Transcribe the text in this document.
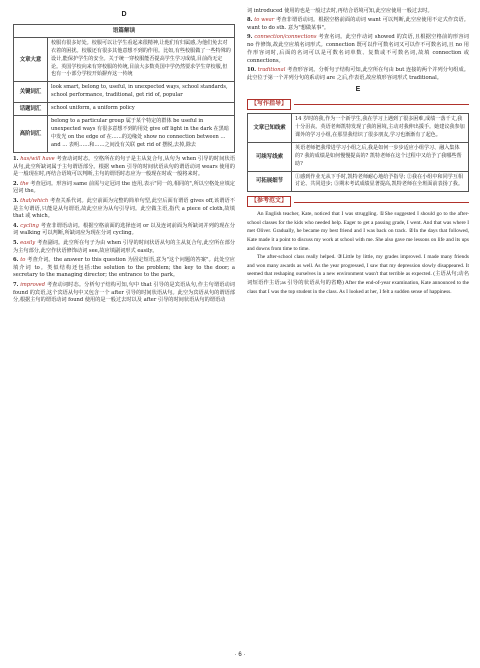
D
语篇解读	
文章大意	校服有很多好处。校服可以让学生看起来很精神,让他们有归属感,为他们免去对衣着的困扰。校服还有很多其他意想不到的作用。比如,有些校服做了一些特殊的设计,能保护学生的安全。关于统一穿校服能否提高学生学习成绩,目前尚无定论。英国学校向来有穿校服的传统,目前大多数英国中学仍然要求学生穿校服,但也有一小部分学校开始摒弃这一传统
关键词汇	look smart, belong to, useful, in unexpected ways, school standards, school performance, traditional, get rid of, popular
话题词汇	school uniform, a uniform policy
高阶词汇	belong to a particular group 属于某个特定的群体 be useful in unexpected ways 有很多意想不到的用处 give off light in the dark 在黑暗中发光 on the edge of 在……的边缘处 show no connection between … and … 表明……和……之间没有关联 get rid of 摆脱,去掉,除去

1. has/will have 考查动词时态。空格所在的句子是主从复合句,从句为 when 引导的时间状语从句,此空所缺词属于主句谓语部分。根据 when 引导的时间状语从句的谓语动词 wears 使用的是一般现在时,再结合语境可以判断,主句的谓语时态应为一般现在时或一般将来时。

2. the 考查冠词。形容词 same 前需与定冠词 the 连用,表示"同一的,相同的",所以空格处应填定冠词 the。

3. that/which 考查关系代词。此空前面为完整的简单句型,此空后面有谓语 gives off,该谓语不是主句谓语,只能是从句谓语,故此空应为从句引导词。此空做主语,指代 a piece of cloth,故填 that 或 which。

4. cycling 考查非谓语动词。根据空格前面的选择连词 or 以及连词前面为所缺词并列的现在分词 walking 可以判断,所缺词应为现在分词 cycling。

5. easily 考查副词。此空所在句子为由 when 引导的时间状语从句的主从复合句,此空所在部分为主句部分,此空作状语修饰动词 see,故应填副词形式 easily。

6. to 考查介词。the answer to this question 为固定短语,意为"这个问题的答案"。此处空应填介词 to。类似结构还包括:the solution to the problem; the key to the door; a secretary to the managing director; the entrance to the park。

7. improved 考查动词时态。分析句子结构可知,句中 that 引导的是宾语从句,作主句谓语动词 found 的宾语,这个宾语从句中又包含一个 after 引导的时间状语从句。此空为宾语从句的谓语部分,根据主句的谓语动词 found 使用的是一般过去时以及 after 引导的时间状语从句的谓语动

词 introduced 使用的也是一般过去时,再结合语境可知,此空应使用一般过去时。

8. to wear 考查非谓语动词。根据空格前面的动词 want 可以判断,此空应使用不定式作宾语。want to do sth. 意为"想做某事"。

9. connection/connections 考查名词。此空作动词 showed 的宾语,且根据空格前的形容词 no 作修饰,故此空应填名词形式。connection 既可以作可数名词又可以作不可数名词,且 no 用作形容词时,后面的名词可以是可数名词单数、复数或不可数名词,故填 connection 或 connections。

10. traditional 考查形容词。分析句子结构可知,此空所在句由 but 连接的两个并列分句组成。此空位于第一个并列分句的系动词 are 之后,作表语,故应填形容词形式 traditional。

E
【写作指导】
文章已知线索	14 岁时的我,作为一个新学生,我在学习上遇到了很多困难,成绩一落千丈,我十分沮丧。英语老师凯特发现了我的困境,主动对我伸出援手。她建议我参加课外的学习小组,在那里我结识了很多朋友,学习也渐渐有了起色。
可续写线索	英语老师把我带进学习小组之后,我是如何一步步适应小组学习、融入集体的? 我的成绩是如何慢慢提高的? 凯特老师在这个过程中又给予了我哪些帮助?
可拓展细节	①感到作业无从下手时,凯特老师耐心地给予指导; ②我在小组中和同学互相讨论、共同进步; ③期末考试成绩显著提高,凯特老师在全班面前表扬了我。
【参考范文】

An English teacher, Kate, noticed that I was struggling. ①She suggested I should go to the after-school classes for the kids who needed help. Eager to get a passing grade, I went. And that was where I met Oliver. Gradually, he became my best friend and I was back on track. ②In the days that followed, Kate made it a point to discuss my work at school with me. She also gave me lessons on life and its ups and downs from time to time.

The after-school class really helped. ③Little by little, my grades improved. I made many friends and won many awards as well. As the year progressed, I saw that my depression slowly disappeared. It seemed that reshaping ourselves in a new environment wasn't that terrible as expected. (主语从句;动名词短语作主语;as 引导的状语从句的省略) After the end-of-year examination, Kate announced to the class that I was the top student in the class. As I looked at her, I felt a sudden sense of happiness.

· 6 ·
